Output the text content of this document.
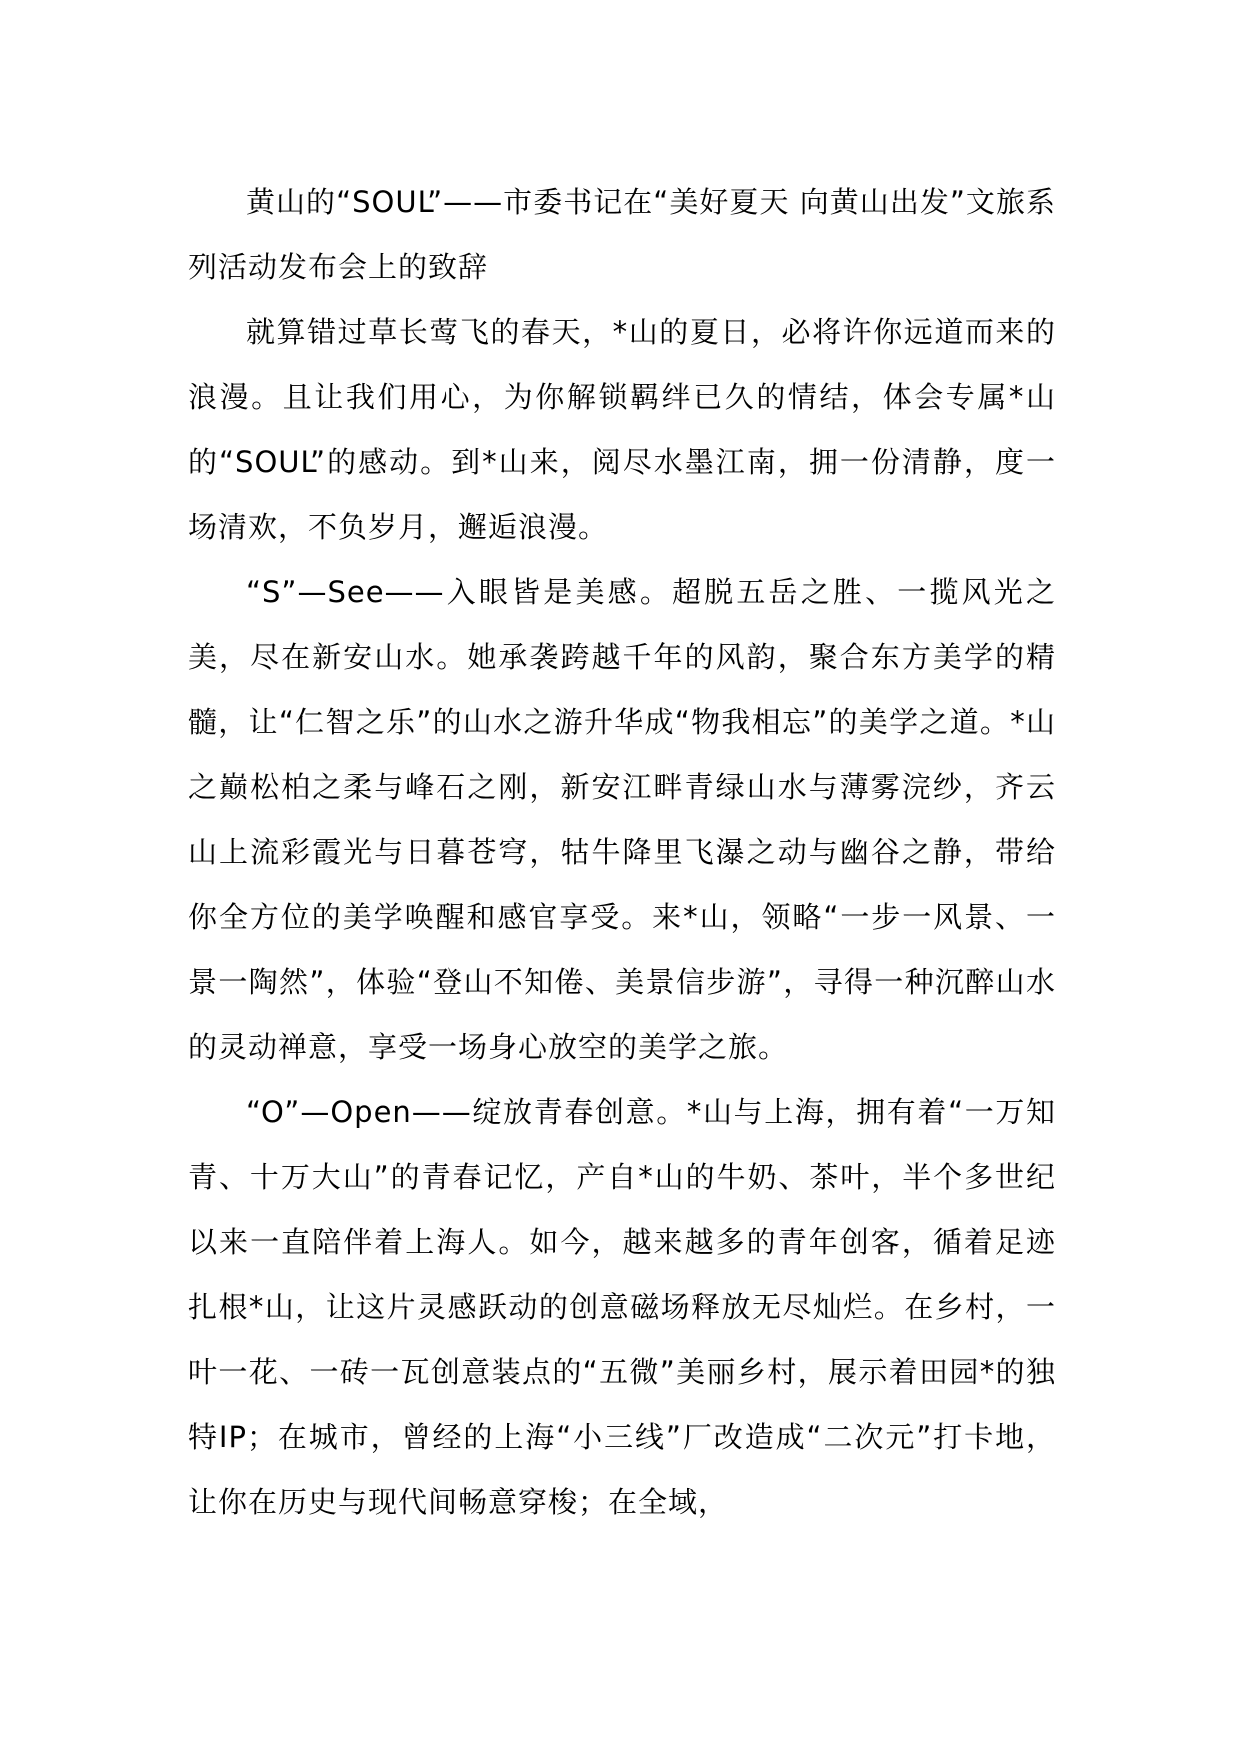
黄山的“SOUL”——市委书记在“美好夏天 向黄山出发”文旅系列活动发布会上的致辞

就算错过草长莺飞的春天，*山的夏日，必将许你远道而来的浪漫。且让我们用心，为你解锁羁绊已久的情结，体会专属*山的“SOUL”的感动。到*山来，阅尽水墨江南，拥一份清静，度一场清欢，不负岁月，邂逅浪漫。

“S”—See——入眼皆是美感。超脱五岳之胜、一揽风光之美，尽在新安山水。她承袭跨越千年的风韵，聚合东方美学的精髓，让“仁智之乐”的山水之游升华成“物我相忘”的美学之道。*山之巅松柏之柔与峰石之刚，新安江畔青绿山水与薄雾浣纱，齐云山上流彩霞光与日暮苍穹，牯牛降里飞瀑之动与幽谷之静，带给你全方位的美学唤醒和感官享受。来*山，领略“一步一风景、一景一陶然”，体验“登山不知倦、美景信步游”，寻得一种沉醉山水的灵动禅意，享受一场身心放空的美学之旅。

“O”—Open——绽放青春创意。*山与上海，拥有着“一万知青、十万大山”的青春记忆，产自*山的牛奶、茶叶，半个多世纪以来一直陪伴着上海人。如今，越来越多的青年创客，循着足迹扎根*山，让这片灵感跃动的创意磁场释放无尽灿烂。在乡村，一叶一花、一砖一瓦创意装点的“五微”美丽乡村，展示着田园*的独特IP；在城市，曾经的上海“小三线”厂改造成“二次元”打卡地，让你在历史与现代间畅意穿梭；在全域，
